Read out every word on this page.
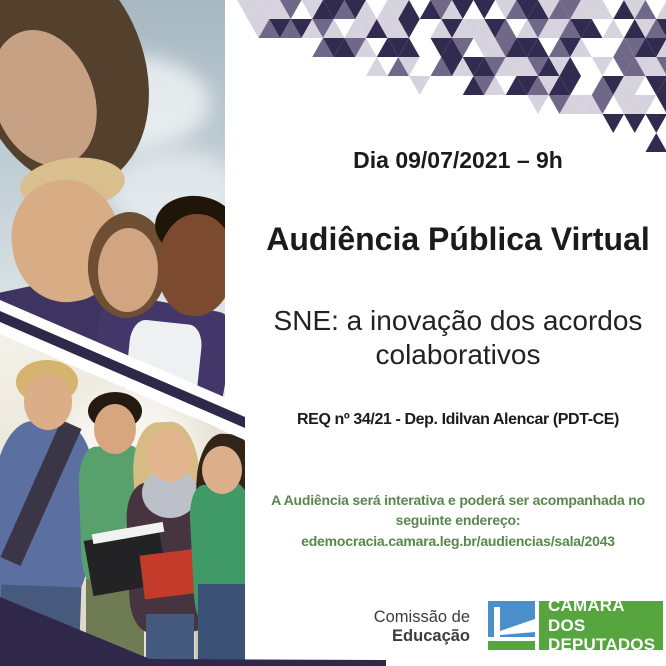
Dia 09/07/2021 – 9h
Audiência Pública Virtual
SNE: a inovação dos acordos colaborativos
REQ nº 34/21 - Dep. Idilvan Alencar (PDT-CE)
A Audiência será interativa e poderá ser acompanhada no seguinte endereço:
edemocracia.camara.leg.br/audiencias/sala/2043
Comissão de
Educação
CÂMARA DOS
DEPUTADOS
